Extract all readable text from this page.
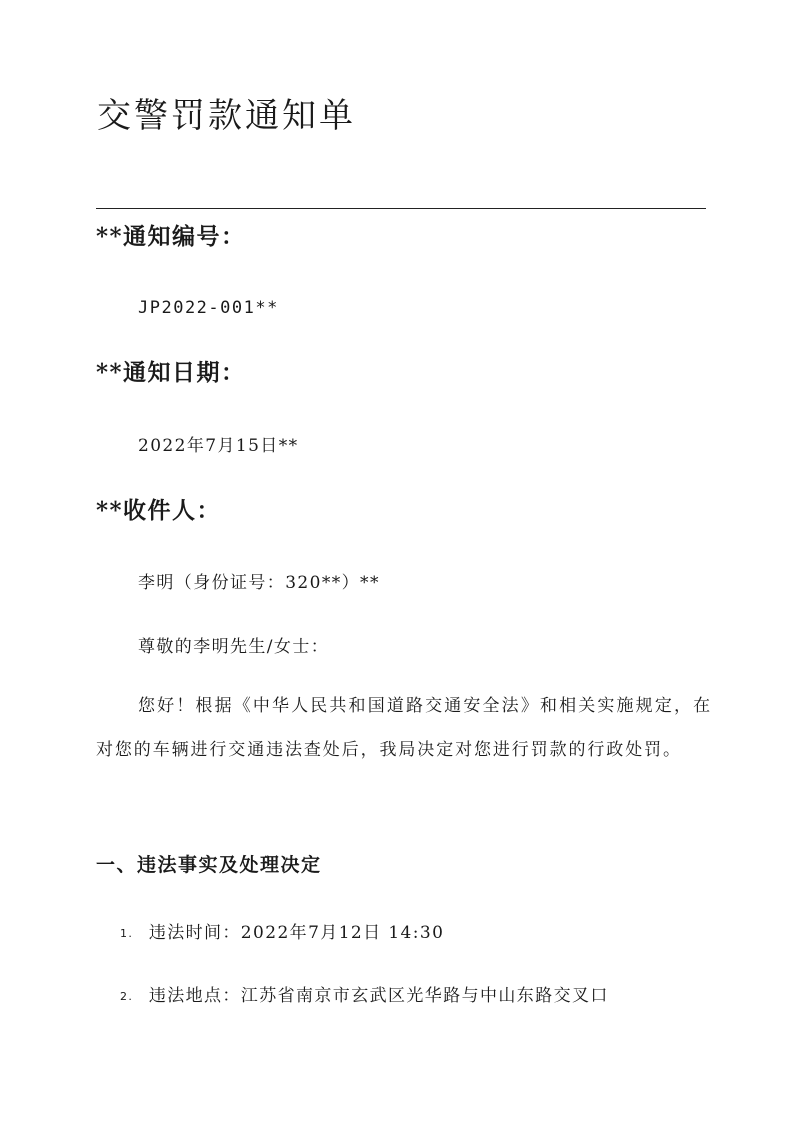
交警罚款通知单
**通知编号：

JP2022-001**

**通知日期：

2022年7月15日**

**收件人：

李明（身份证号：320**）**

尊敬的李明先生/女士：

您好！根据《中华人民共和国道路交通安全法》和相关实施规定，在对您的车辆进行交通违法查处后，我局决定对您进行罚款的行政处罚。

一、违法事实及处理决定
1. 违法时间：2022年7月12日 14:30
2. 违法地点：江苏省南京市玄武区光华路与中山东路交叉口
